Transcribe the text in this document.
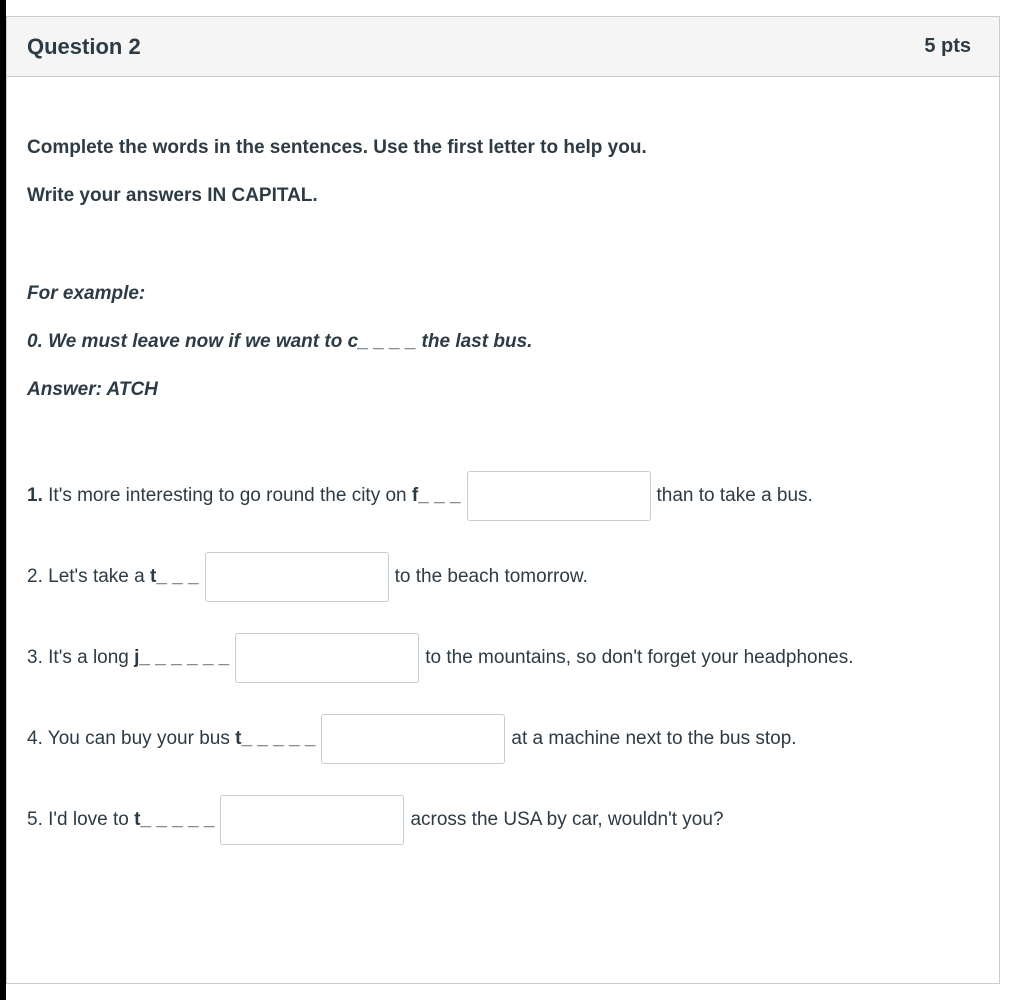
Question 2	5 pts
Complete the words in the sentences. Use the first letter to help you.
Write your answers IN CAPITAL.
For example:
0. We must leave now if we want to c_ _ _ _ the last bus.
Answer: ATCH
1. It's more interesting to go round the city on f_ _ _	than to take a bus.
2. Let's take a t_ _ _	to the beach tomorrow.
3. It's a long j_ _ _ _ _ _	to the mountains, so don't forget your headphones.
4. You can buy your bus t_ _ _ _ _	at a machine next to the bus stop.
5. I'd love to t_ _ _ _ _	across the USA by car, wouldn't you?
